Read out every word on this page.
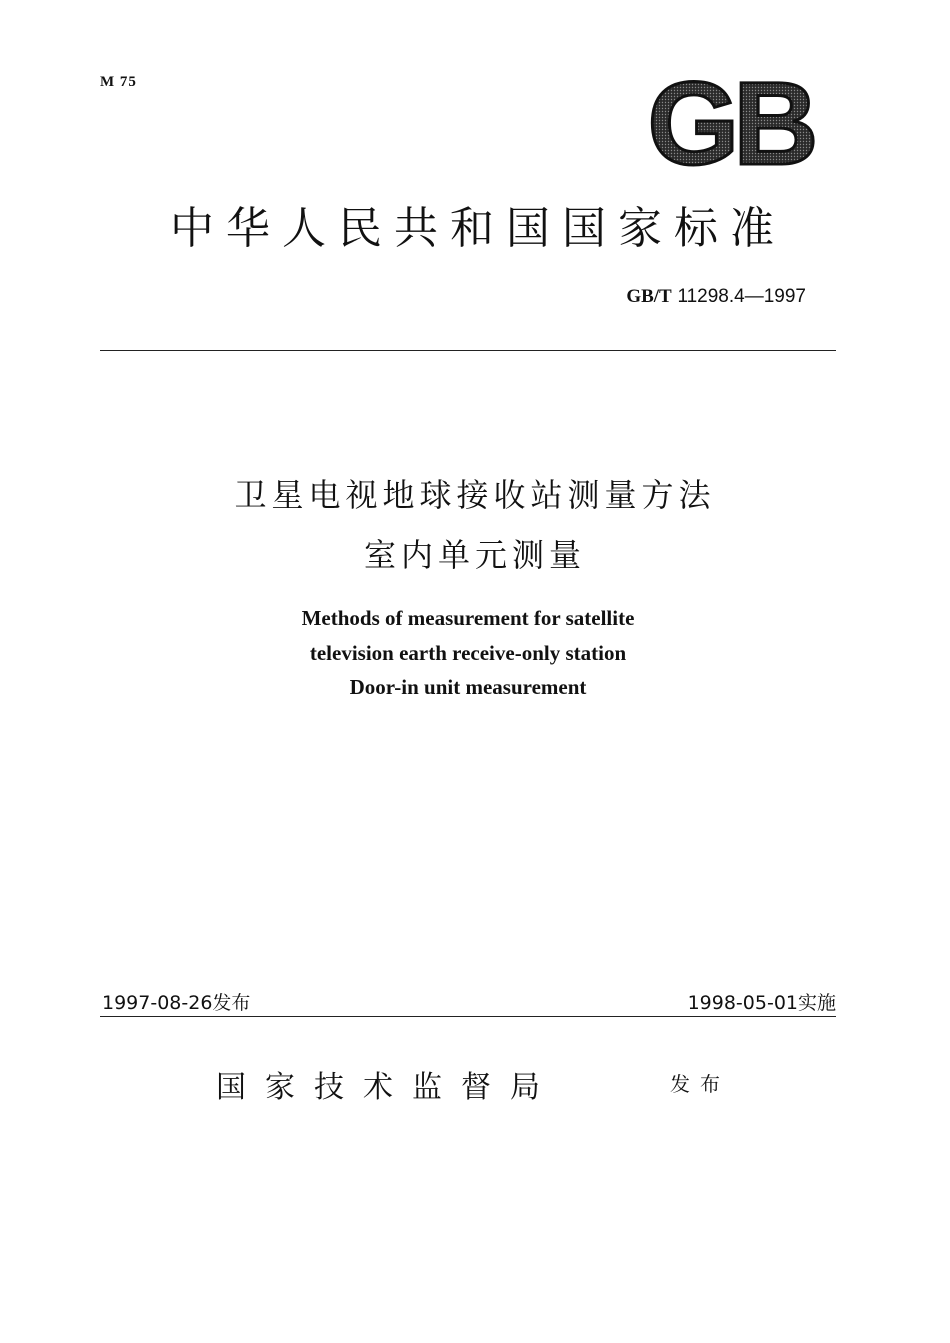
M 75	GB
中华人民共和国国家标准
GB/T 11298.4—1997
卫星电视地球接收站测量方法
室内单元测量
Methods of measurement for satellite
television earth receive-only station
Door-in unit measurement
1997-08-26发布	1998-05-01实施
国家技术监督局	发布
